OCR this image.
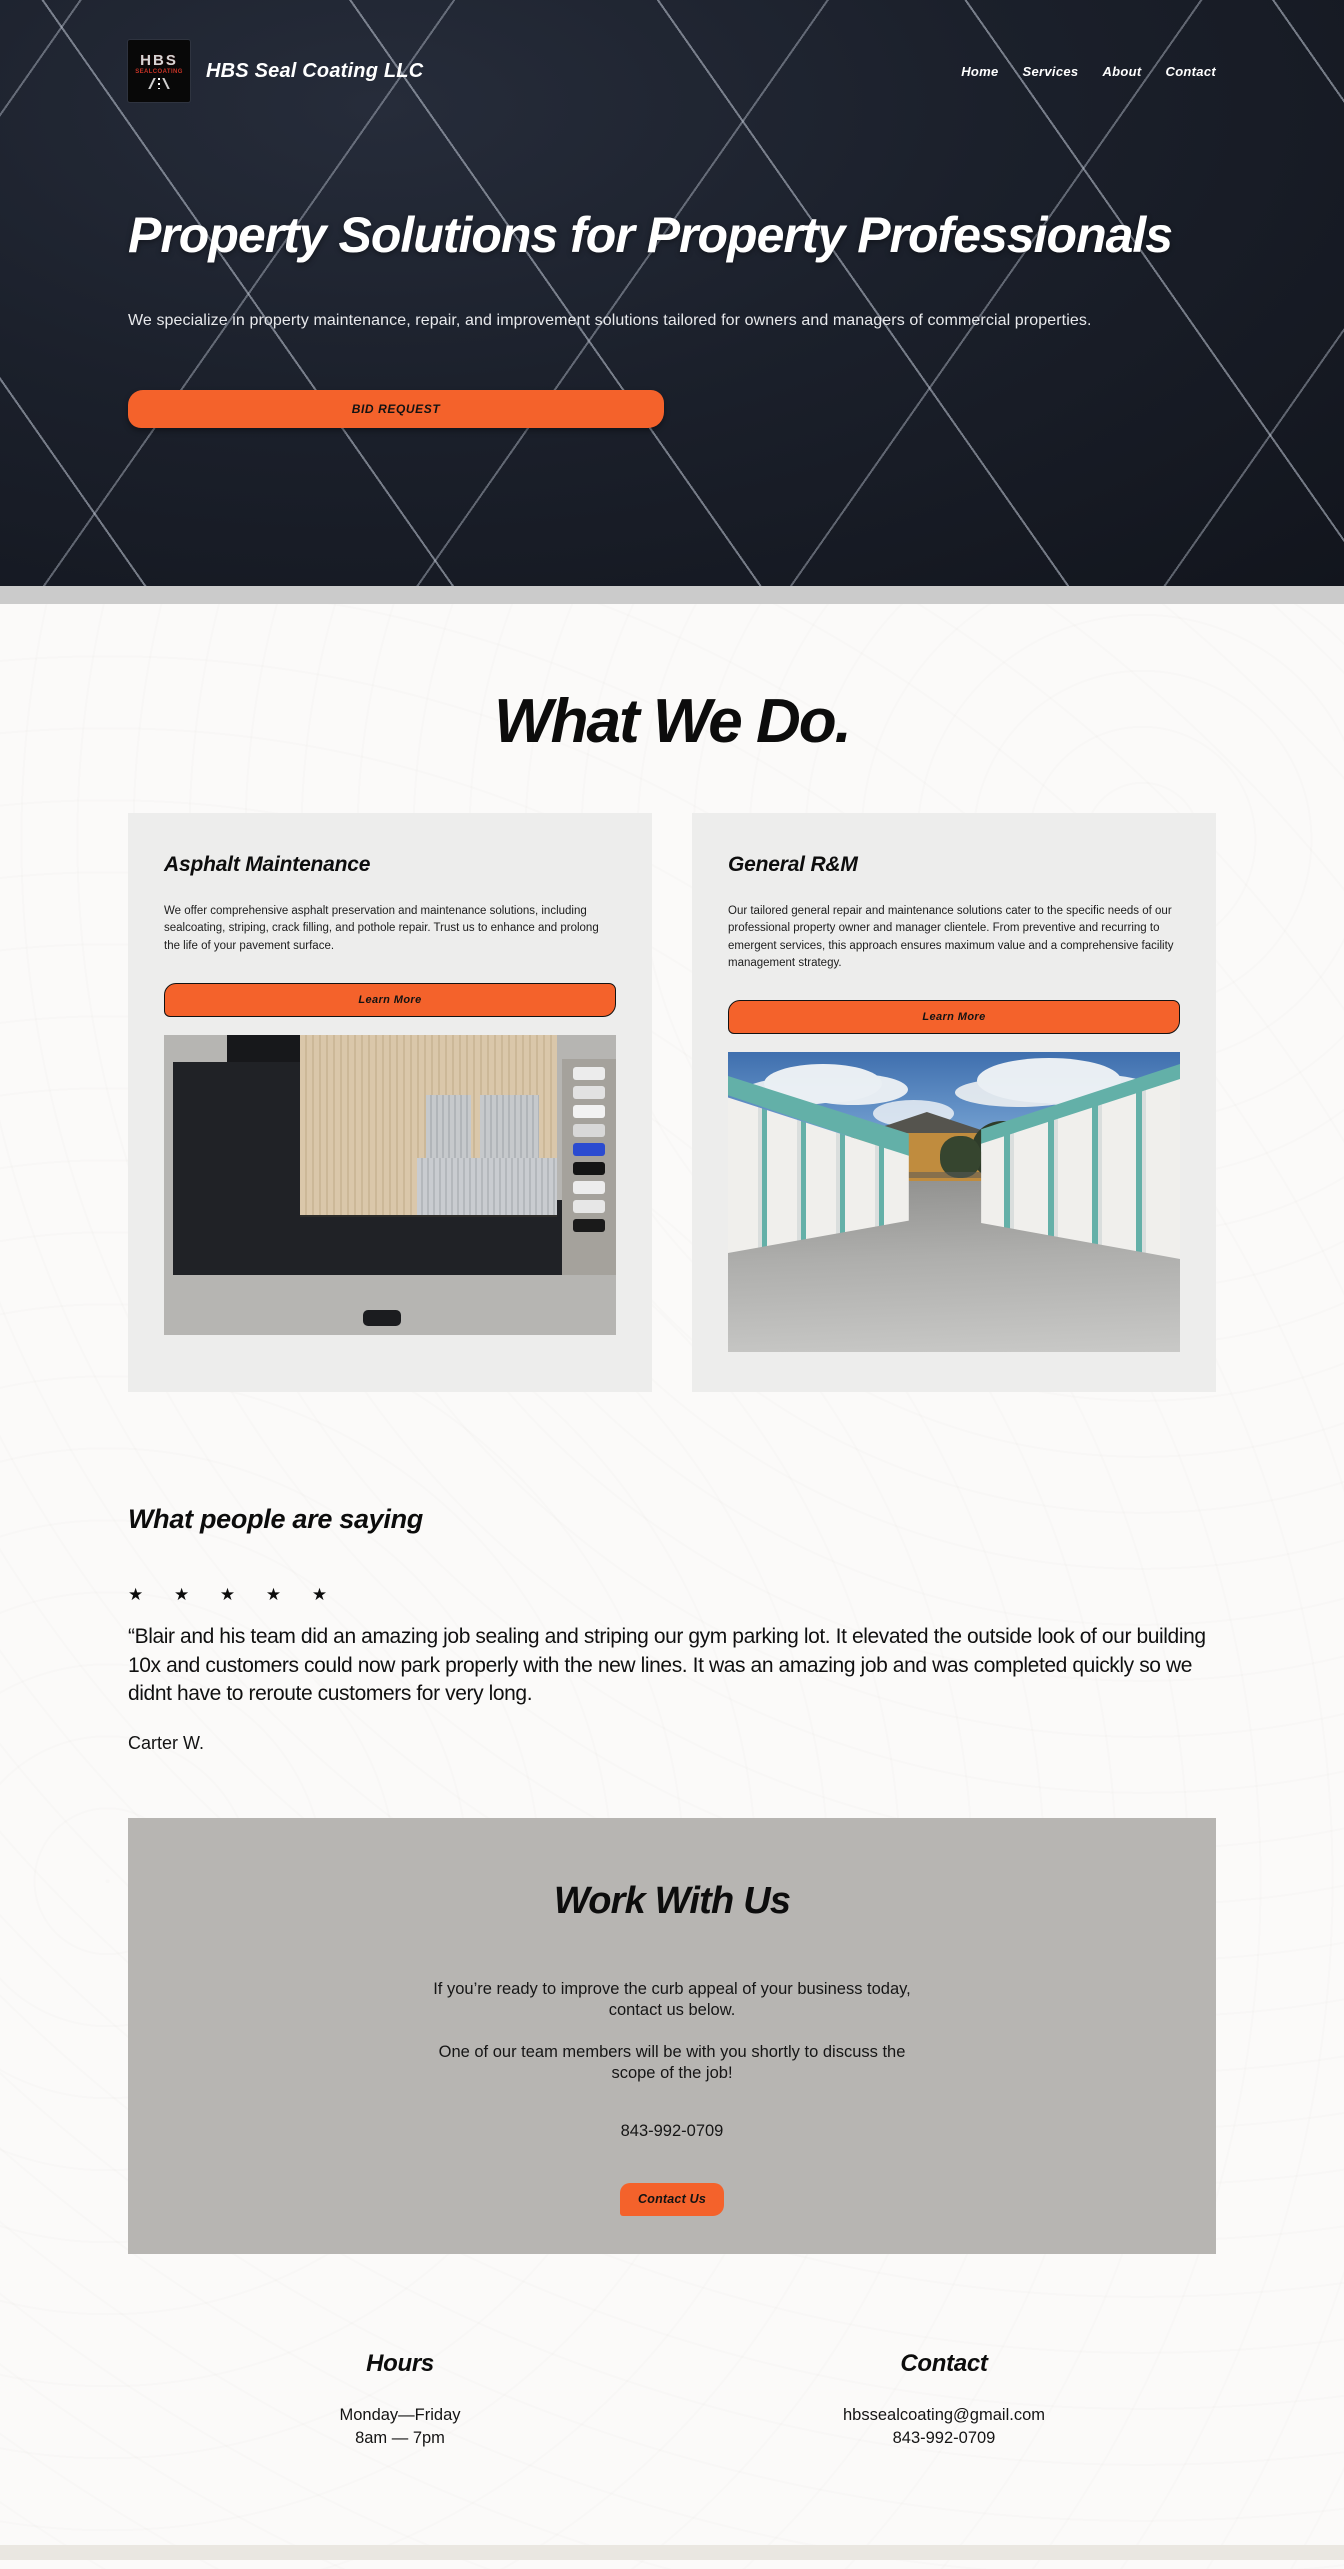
HBS
SEALCOATING HBS Seal Coating LLC	Home Services About Contact
Property Solutions for Property Professionals

We specialize in property maintenance, repair, and improvement solutions tailored for owners and managers of commercial properties.

BID REQUEST
What We Do.
Asphalt Maintenance

We offer comprehensive asphalt preservation and maintenance solutions, including sealcoating, striping, crack filling, and pothole repair. Trust us to enhance and prolong the life of your pavement surface.

Learn More
General R&M

Our tailored general repair and maintenance solutions cater to the specific needs of our professional property owner and manager clientele. From preventive and recurring to emergent services, this approach ensures maximum value and a comprehensive facility management strategy.

Learn More
What people are saying
★ ★ ★ ★ ★

“Blair and his team did an amazing job sealing and striping our gym parking lot. It elevated the outside look of our building 10x and customers could now park properly with the new lines. It was an amazing job and was completed quickly so we didnt have to reroute customers for very long.

Carter W.

Work With Us

If you’re ready to improve the curb appeal of your business today, contact us below.

One of our team members will be with you shortly to discuss the scope of the job!

843-992-0709
Contact Us
Hours
Monday—Friday
8am — 7pm
Contact
hbssealcoating@gmail.com
843-992-0709
